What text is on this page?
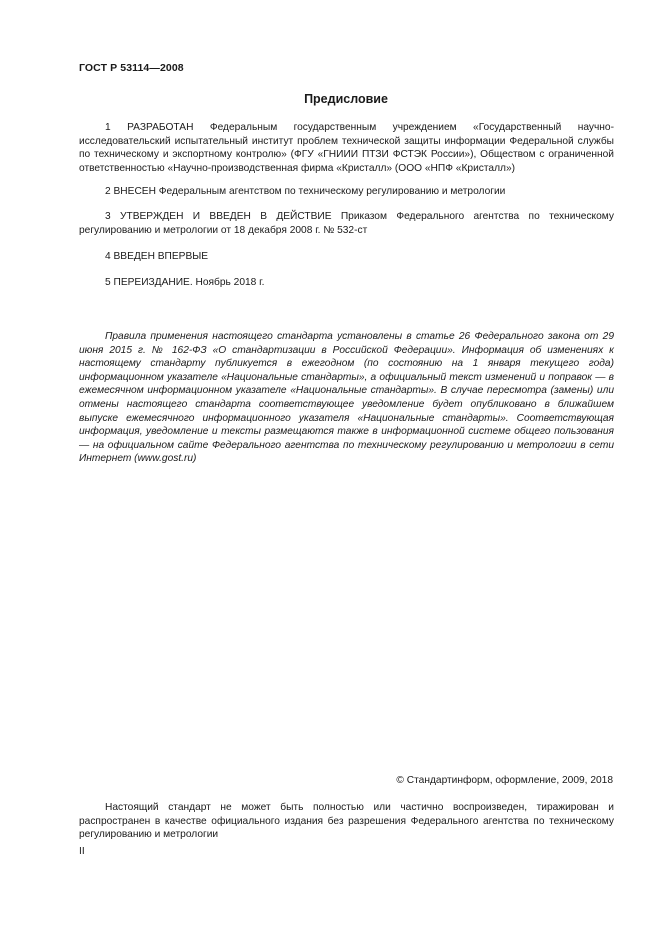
ГОСТ Р 53114—2008
Предисловие

1 РАЗРАБОТАН Федеральным государственным учреждением «Государственный научно-исследовательский испытательный институт проблем технической защиты информации Федеральной службы по техническому и экспортному контролю» (ФГУ «ГНИИИ ПТЗИ ФСТЭК России»), Обществом с ограниченной ответственностью «Научно-производственная фирма «Кристалл» (ООО «НПФ «Кристалл»)

2 ВНЕСЕН Федеральным агентством по техническому регулированию и метрологии

3 УТВЕРЖДЕН И ВВЕДЕН В ДЕЙСТВИЕ Приказом Федерального агентства по техническому регулированию и метрологии от 18 декабря 2008 г. № 532-ст

4 ВВЕДЕН ВПЕРВЫЕ

5 ПЕРЕИЗДАНИЕ. Ноябрь 2018 г.

Правила применения настоящего стандарта установлены в статье 26 Федерального закона от 29 июня 2015 г. № 162-ФЗ «О стандартизации в Российской Федерации». Информация об изменениях к настоящему стандарту публикуется в ежегодном (по состоянию на 1 января текущего года) информационном указателе «Национальные стандарты», а официальный текст изменений и поправок — в ежемесячном информационном указателе «Национальные стандарты». В случае пересмотра (замены) или отмены настоящего стандарта соответствующее уведомление будет опубликовано в ближайшем выпуске ежемесячного информационного указателя «Национальные стандарты». Соответствующая информация, уведомление и тексты размещаются также в информационной системе общего пользования — на официальном сайте Федерального агентства по техническому регулированию и метрологии в сети Интернет (www.gost.ru)

© Стандартинформ, оформление, 2009, 2018

Настоящий стандарт не может быть полностью или частично воспроизведен, тиражирован и распространен в качестве официального издания без разрешения Федерального агентства по техническому регулированию и метрологии

II
